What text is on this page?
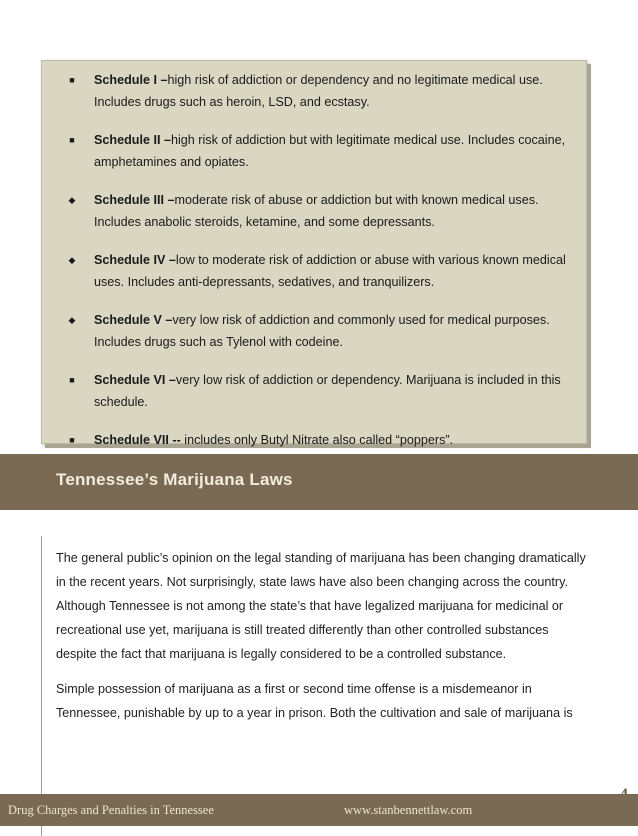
■ Schedule I –high risk of addiction or dependency and no legitimate medical use. Includes drugs such as heroin, LSD, and ecstasy.
■ Schedule II –high risk of addiction but with legitimate medical use. Includes cocaine, amphetamines and opiates.
◆ Schedule III –moderate risk of abuse or addiction but with known medical uses. Includes anabolic steroids, ketamine, and some depressants.
◆ Schedule IV –low to moderate risk of addiction or abuse with various known medical uses. Includes anti-depressants, sedatives, and tranquilizers.
◆ Schedule V –very low risk of addiction and commonly used for medical purposes. Includes drugs such as Tylenol with codeine.
■ Schedule VI –very low risk of addiction or dependency. Marijuana is included in this schedule.
■ Schedule VII -- includes only Butyl Nitrate also called “poppers”.
Tennessee’s Marijuana Laws

The general public’s opinion on the legal standing of marijuana has been changing dramatically in the recent years. Not surprisingly, state laws have also been changing across the country. Although Tennessee is not among the state’s that have legalized marijuana for medicinal or recreational use yet, marijuana is still treated differently than other controlled substances despite the fact that marijuana is legally considered to be a controlled substance.

Simple possession of marijuana as a first or second time offense is a misdemeanor in Tennessee, punishable by up to a year in prison. Both the cultivation and sale of marijuana is

Drug Charges and Penalties in Tennessee	www.stanbennettlaw.com
